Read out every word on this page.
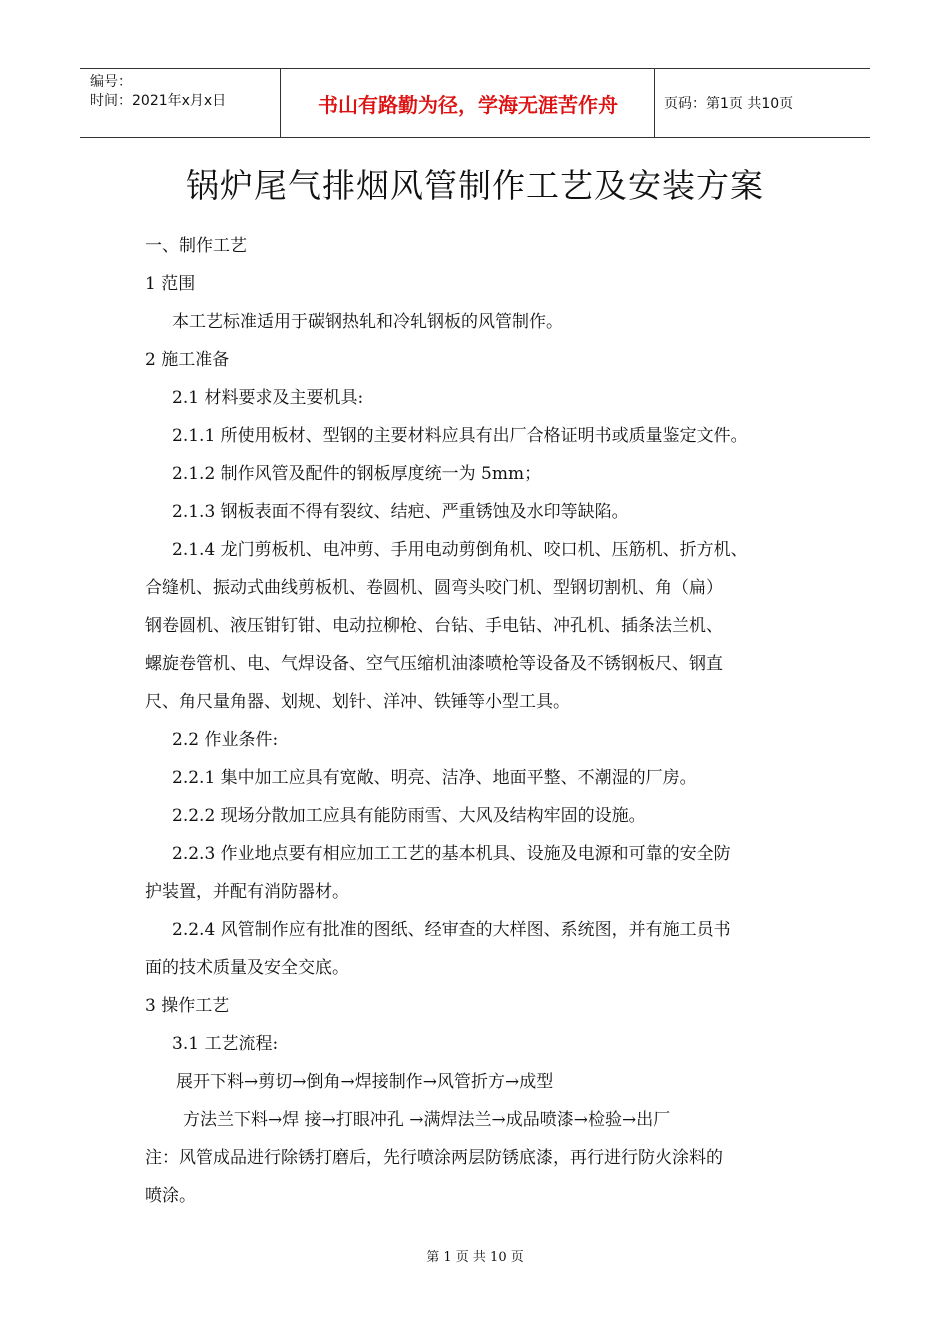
编号：
时间：2021年x月x日	书山有路勤为径，学海无涯苦作舟	页码：第1页 共10页
锅炉尾气排烟风管制作工艺及安装方案
一、制作工艺
1 范围
本工艺标准适用于碳钢热轧和冷轧钢板的风管制作。
2 施工准备
2.1 材料要求及主要机具:
2.1.1 所使用板材、型钢的主要材料应具有出厂合格证明书或质量鉴定文件。
2.1.2 制作风管及配件的钢板厚度统一为 5mm；
2.1.3 钢板表面不得有裂纹、结疤、严重锈蚀及水印等缺陷。
2.1.4 龙门剪板机、电冲剪、手用电动剪倒角机、咬口机、压筋机、折方机、
合缝机、振动式曲线剪板机、卷圆机、圆弯头咬门机、型钢切割机、角（扁）
钢卷圆机、液压钳钉钳、电动拉柳枪、台钻、手电钻、冲孔机、插条法兰机、
螺旋卷管机、电、气焊设备、空气压缩机油漆喷枪等设备及不锈钢板尺、钢直
尺、角尺量角器、划规、划针、洋冲、铁锤等小型工具。
2.2 作业条件:
2.2.1 集中加工应具有宽敞、明亮、洁净、地面平整、不潮湿的厂房。
2.2.2 现场分散加工应具有能防雨雪、大风及结构牢固的设施。
2.2.3 作业地点要有相应加工工艺的基本机具、设施及电源和可靠的安全防
护装置，并配有消防器材。
2.2.4 风管制作应有批准的图纸、经审查的大样图、系统图，并有施工员书
面的技术质量及安全交底。
3 操作工艺
3.1 工艺流程:
展开下料→剪切→倒角→焊接制作→风管折方→成型
方法兰下料→焊 接→打眼冲孔 →满焊法兰→成品喷漆→检验→出厂
注：风管成品进行除锈打磨后，先行喷涂两层防锈底漆，再行进行防火涂料的
喷涂。
第 1 页 共 10 页
